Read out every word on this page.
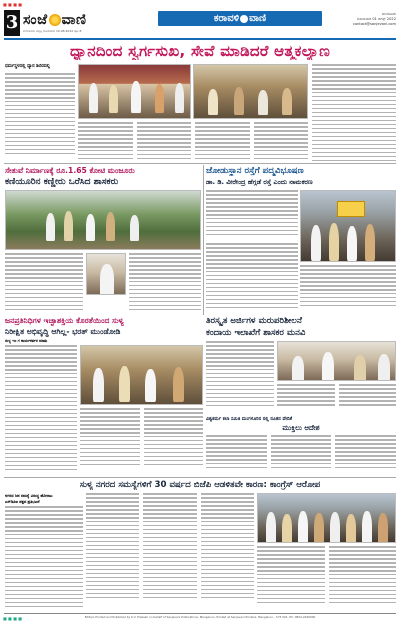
■ ■ ■ ■
3 ಸಂಜೆ ವಾಣಿ
ಮಂಗಳೂರು ಆವೃತ್ತಿ ಸೋಮವಾರ 10.08.2022 ಪುಟ 8
ಕರಾವಳಿ ವಾಣಿ	ಮಂಗಳೂರು
ಸೋಮವಾರ 01 ಆಗಸ್ಟ್ 2022
contact@sanjevani.com
ಧ್ಯಾನದಿಂದ ಸ್ವರ್ಗಸುಖ, ಸೇವೆ ಮಾಡಿದರೆ ಆತ್ಮಕಲ್ಯಾಣ
ಧರ್ಮಸ್ಥಳದಲ್ಲಿ ಧ್ಯಾನ ಶಿಬಿರದಲ್ಲಿ
ಸೇತುವೆ ನಿರ್ಮಾಣಕ್ಕೆ ರೂ.1.65 ಕೋಟಿ ಮಂಜೂರು
ಕಣಿಯೂರಿನ ಕಣ್ಣೀರು ಒರೆಸಿದ ಶಾಸಕರು
ಜೋಡುಸ್ಥಾನ ರಸ್ತೆಗೆ ಪದ್ಮವಿಭೂಷಣ
ಡಾ. ಡಿ. ವೀರೇಂದ್ರ ಹೆಗ್ಗಡೆ ರಸ್ತೆ ಎಂದು ನಾಮಕರಣ
ತಿರಸ್ಕೃತ ಅರ್ಜಿಗಳ ಮರುಪರಿಶೀಲನೆ
ಕಂದಾಯ ಇಲಾಖೆಗೆ ಶಾಸಕರ ಮನವಿ
ಜನಪ್ರತಿನಿಧಿಗಳ ಇಚ್ಛಾಶಕ್ತಿಯ ಕೊರತೆಯಿಂದ ಸುಳ್ಯ
ನಿರೀಕ್ಷಿತ ಅಭಿವೃದ್ಧಿ ಆಗಿಲ್ಲ- ಭರತ್ ಮುಂಡೋಡಿ
ಸುಳ್ಯ ಇಂ ಗ ಕಾರ್ಯಕರ್ತರ ಮಾತು
ವಿಶ್ವಕರ್ಮ ಕಲಾ ಸಮಿತಿ ಮಂಗಳೂರಿನ ನಲ್ಲಿ ನೂತನ ವೇದಿಕೆ
ಮುಕ್ತಿಲು ಆದೇಶ
ಸುಳ್ಯ ನಗರದ ಸಮಸ್ಯೆಗಳಿಗೆ 30 ವರ್ಷದ ಬಿಜೆಪಿ ಆಡಳಿತವೇ ಕಾರಣ: ಕಾಂಗ್ರೆಸ್ ಆರೋಪ
ನಗರದ ಜನ ಸಮಸ್ಯೆ ವಿರುದ್ಧ ಹೋರಾಟ
ಎಸ್‌ಡಿಪಿಐ ಪಕ್ಷದ ಪ್ರತಿಭಟನೆ
Edited, Printed and Published by K.V. Prakash on behalf of Sanjevani Publications, Mangaluru. Printed at Sanjevani Printers, Mangaluru – 575 001. Ph: 0824-2440000
■ ■ ■ ■
